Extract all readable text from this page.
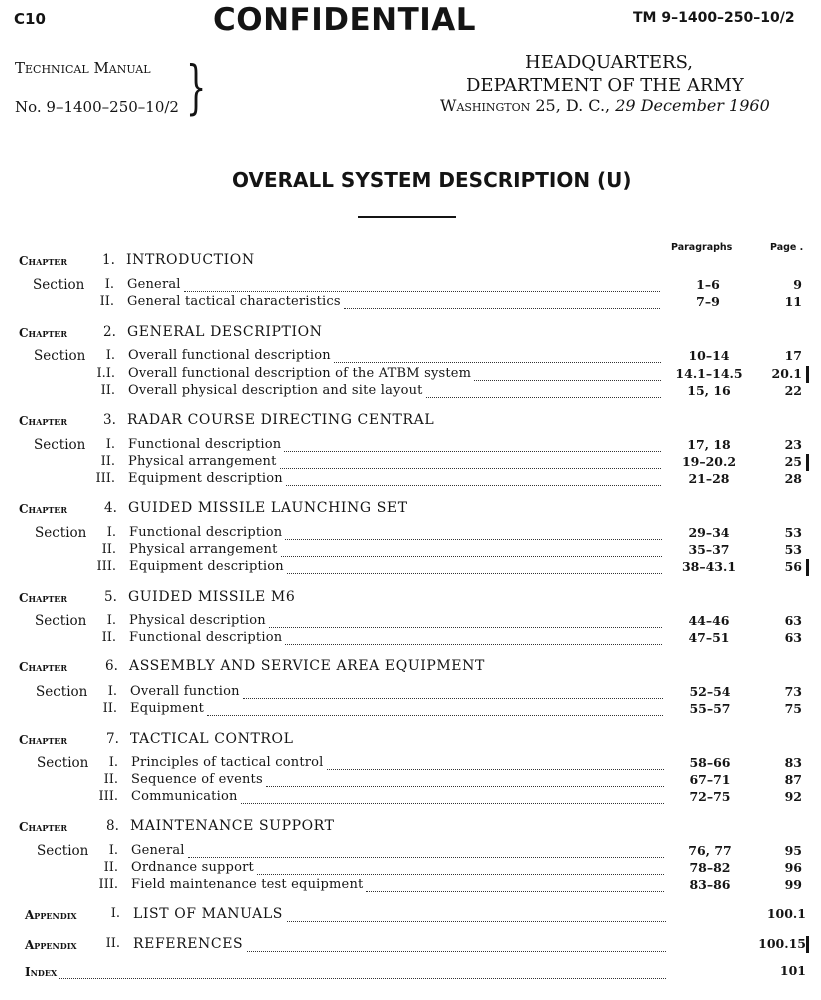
C10	CONFIDENTIAL	TM 9–1400–250–10/2
Technical Manual
No. 9–1400–250–10/2 }	HEADQUARTERS,
DEPARTMENT OF THE ARMY
Washington 25, D. C., 29 December 1960
OVERALL SYSTEM DESCRIPTION (U)
Paragraphs	Page .
Chapter	1. INTRODUCTION
Section	I. General	1–6	9
II. General tactical characteristics	7–9	11
Chapter	2. GENERAL DESCRIPTION
Section	I. Overall functional description	10–14	17
I.I. Overall functional description of the ATBM system	14.1–14.5	20.1
II. Overall physical description and site layout	15, 16	22
Chapter	3. RADAR COURSE DIRECTING CENTRAL
Section	I. Functional description	17, 18	23
II. Physical arrangement	19–20.2	25
III. Equipment description	21–28	28
Chapter	4. GUIDED MISSILE LAUNCHING SET
Section	I. Functional description	29–34	53
II. Physical arrangement	35–37	53
III. Equipment description	38–43.1	56
Chapter	5. GUIDED MISSILE M6
Section	I. Physical description	44–46	63
II. Functional description	47–51	63
Chapter	6. ASSEMBLY AND SERVICE AREA EQUIPMENT
Section	I. Overall function	52–54	73
II. Equipment	55–57	75
Chapter	7. TACTICAL CONTROL
Section	I. Principles of tactical control	58–66	83
II. Sequence of events	67–71	87
III. Communication	72–75	92
Chapter	8. MAINTENANCE SUPPORT
Section	I. General	76, 77	95
II. Ordnance support	78–82	96
III. Field maintenance test equipment	83–86	99
Appendix	I. LIST OF MANUALS	100.1
Appendix	II. REFERENCES	100.15
Index	101
